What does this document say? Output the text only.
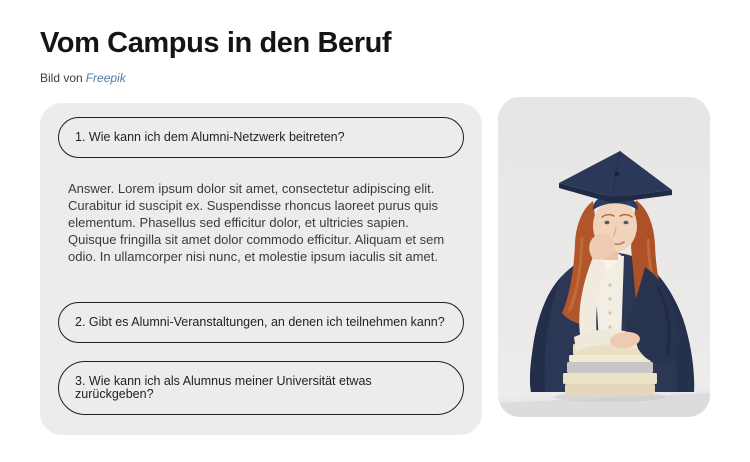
Vom Campus in den Beruf

Bild von Freepik

1. Wie kann ich dem Alumni-Netzwerk beitreten?

Answer. Lorem ipsum dolor sit amet, consectetur adipiscing elit. Curabitur id suscipit ex. Suspendisse rhoncus laoreet purus quis elementum. Phasellus sed efficitur dolor, et ultricies sapien. Quisque fringilla sit amet dolor commodo efficitur. Aliquam et sem odio. In ullamcorper nisi nunc, et molestie ipsum iaculis sit amet.

2. Gibt es Alumni-Veranstaltungen, an denen ich teilnehmen kann?
3. Wie kann ich als Alumnus meiner Universität etwas zurückgeben?
